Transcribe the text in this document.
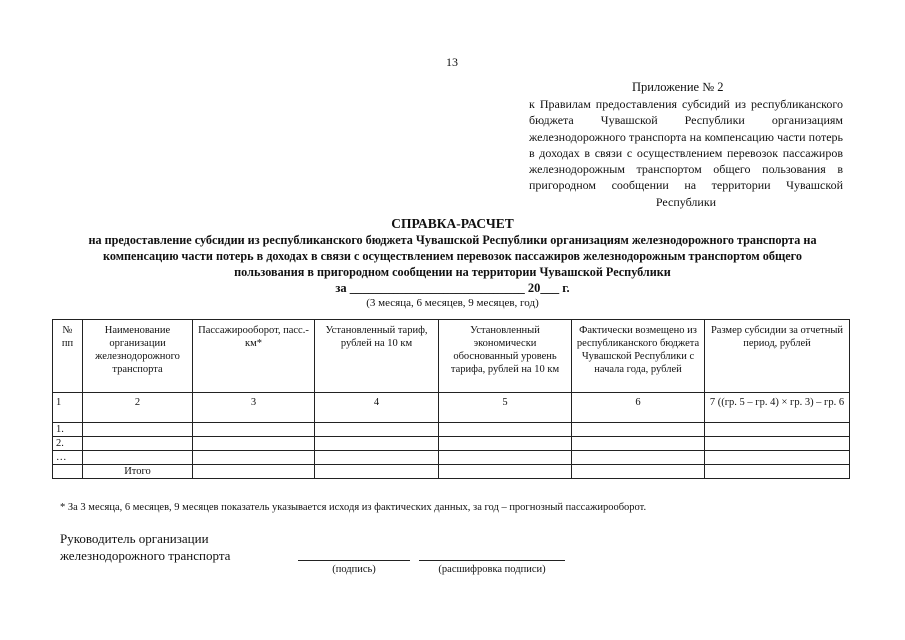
13
Приложение № 2
к Правилам предоставления субсидий из республиканского бюджета Чувашской Республики организациям железнодорожного транспорта на компенсацию части потерь в доходах в связи с осуществлением перевозок пассажиров железнодорожным транспортом общего пользования в пригородном сообщении на территории Чувашской Республики
СПРАВКА-РАСЧЕТ
на предоставление субсидии из республиканского бюджета Чувашской Республики организациям железнодорожного транспорта на компенсацию части потерь в доходах в связи с осуществлением перевозок пассажиров железнодорожным транспортом общего пользования в пригородном сообщении на территории Чувашской Республики
за ____________________________ 20___ г.
(3 месяца, 6 месяцев, 9 месяцев, год)
№ пп	Наименование организации железнодорожного транспорта	Пассажирооборот, пасс.-км*	Установленный тариф, рублей на 10 км	Установленный экономически обоснованный уровень тарифа, рублей на 10 км	Фактически возмещено из республиканского бюджета Чувашской Республики с начала года, рублей	Размер субсидии за отчетный период, рублей
1	2	3	4	5	6	7 ((гр. 5 – гр. 4) × гр. 3) – гр. 6
1.						
2.						
…						
	Итого					
* За 3 месяца, 6 месяцев, 9 месяцев показатель указывается исходя из фактических данных, за год – прогнозный пассажирооборот.
Руководитель организации
железнодорожного транспорта
(подпись)	(расшифровка подписи)
